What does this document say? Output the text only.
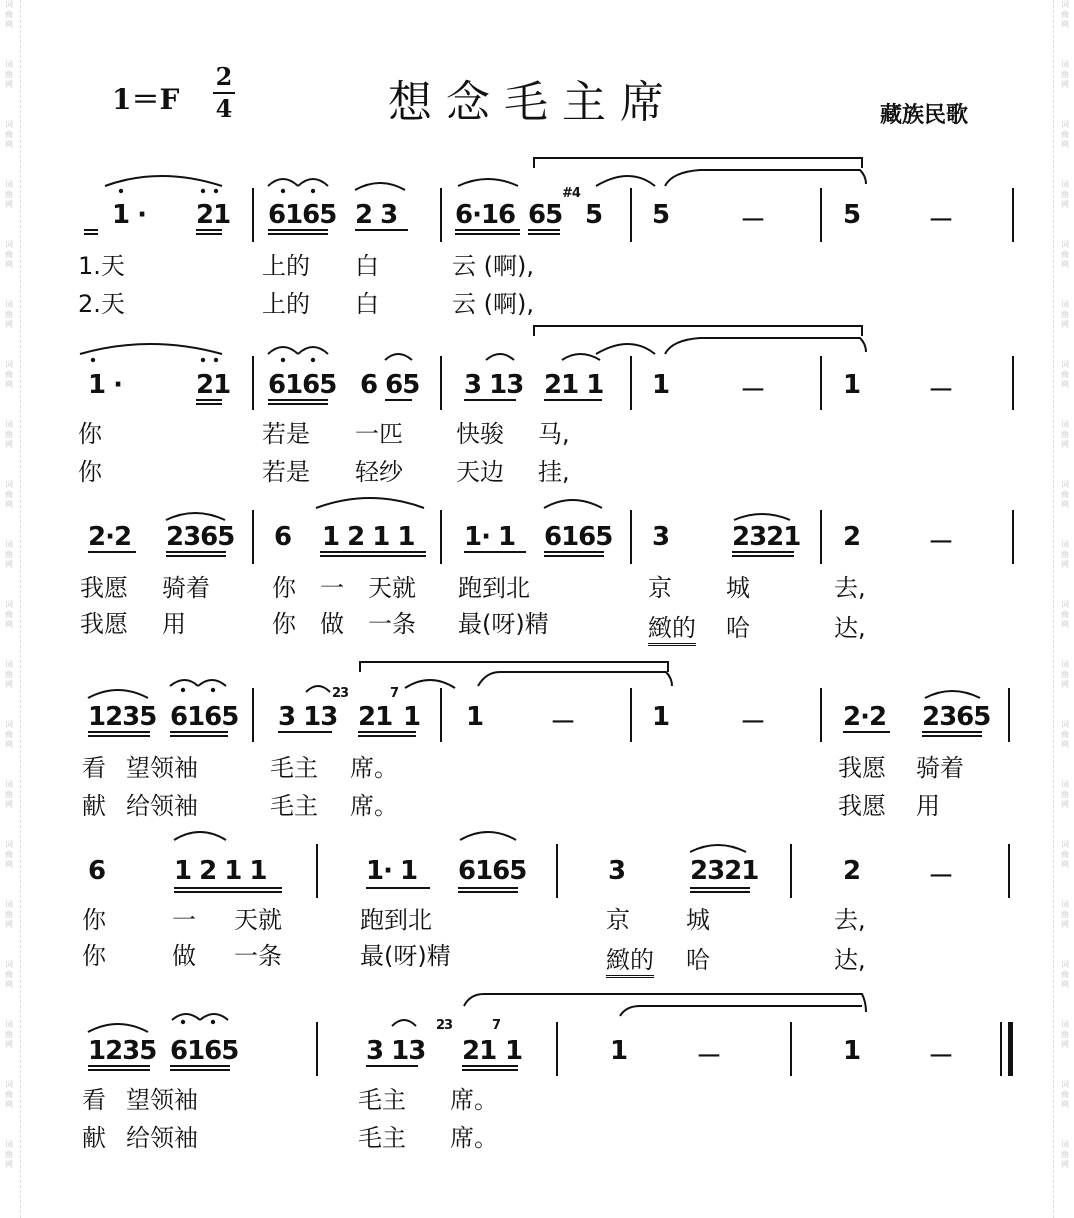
词
曲
网
词
曲
网
词
曲
网
词
曲
网
词
曲
网
词
曲
网
词
曲
网
词
曲
网
词
曲
网
词
曲
网
词
曲
网
词
曲
网
词
曲
网
词
曲
网
词
曲
网
词
曲
网
词
曲
网
词
曲
网
词
曲
网
词
曲
网
词
曲
网
词
曲
网
词
曲
网
词
曲
网
词
曲
网
词
曲
网
词
曲
网
词
曲
网
词
曲
网
词
曲
网
词
曲
网
词
曲
网
词
曲
网
词
曲
网
词
曲
网
词
曲
网
词
曲
网
词
曲
网
词
曲
网
词
曲
网
1＝F
2
4	想念毛主席	藏族民歌
1 · 21 6165 2 3 6·16 65
#4
5 5	－	5	－
1.天	上的 白	云 (啊),
2.天	上的 白	云 (啊),
1 ·	21 6165 6 65 3 13 21 1 1	－	1	－
你	若是 一匹 快骏 马,
你	若是 轻纱 天边 挂,
2·2 2365 6 1 2 1 1 1· 1 6165 3 2321 2	－
我愿 骑着	你 一 天就 跑到北	京 城	去,
我愿 用	你 做 一条 最(呀)精	緻的 哈	达,
1235 6165 3 13
23
21
7
1 1	－	1	－	2·2 2365
看 望领袖	毛主 席。	我愿 骑着
献 给领袖	毛主 席。	我愿 用
6	1 2 1 1	1· 1 6165	3 2321	2	－
你	一 天就	跑到北	京 城	去,
你	做 一条	最(呀)精	緻的 哈	达,
1235 6165	3 13
23
21
7
1	1	－	1	－
看 望领袖	毛主 席。
献 给领袖	毛主 席。
